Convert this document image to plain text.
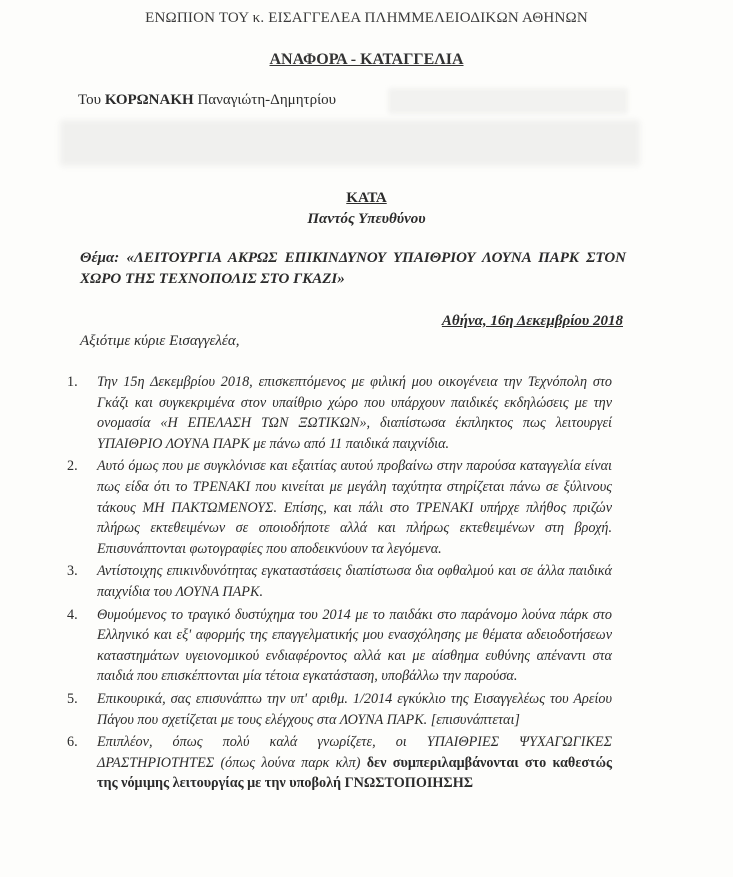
ΕΝΩΠΙΟΝ ΤΟΥ κ. ΕΙΣΑΓΓΕΛΕΑ ΠΛΗΜΜΕΛΕΙΟΔΙΚΩΝ ΑΘΗΝΩΝ
ΑΝΑΦΟΡΑ - ΚΑΤΑΓΓΕΛΙΑ
Του ΚΟΡΩΝΑΚΗ Παναγιώτη-Δημητρίου
ΚΑΤΑ
Παντός Υπευθύνου
Θέμα: «ΛΕΙΤΟΥΡΓΙΑ ΑΚΡΩΣ ΕΠΙΚΙΝΔΥΝΟΥ ΥΠΑΙΘΡΙΟΥ ΛΟΥΝΑ ΠΑΡΚ ΣΤΟΝ ΧΩΡΟ ΤΗΣ ΤΕΧΝΟΠΟΛΙΣ ΣΤΟ ΓΚΑΖΙ»
Αθήνα, 16η Δεκεμβρίου 2018
Αξιότιμε κύριε Εισαγγελέα,
1. Την 15η Δεκεμβρίου 2018, επισκεπτόμενος με φιλική μου οικογένεια την Τεχνόπολη στο Γκάζι και συγκεκριμένα στον υπαίθριο χώρο που υπάρχουν παιδικές εκδηλώσεις με την ονομασία «Η ΕΠΕΛΑΣΗ ΤΩΝ ΞΩΤΙΚΩΝ», διαπίστωσα έκπληκτος πως λειτουργεί ΥΠΑΙΘΡΙΟ ΛΟΥΝΑ ΠΑΡΚ με πάνω από 11 παιδικά παιχνίδια.
2. Αυτό όμως που με συγκλόνισε και εξαιτίας αυτού προβαίνω στην παρούσα καταγγελία είναι πως είδα ότι το ΤΡΕΝΑΚΙ που κινείται με μεγάλη ταχύτητα στηρίζεται πάνω σε ξύλινους τάκους ΜΗ ΠΑΚΤΩΜΕΝΟΥΣ. Επίσης, και πάλι στο ΤΡΕΝΑΚΙ υπήρχε πλήθος πριζών πλήρως εκτεθειμένων σε οποιοδήποτε αλλά και πλήρως εκτεθειμένων στη βροχή. Επισυνάπτονται φωτογραφίες που αποδεικνύουν τα λεγόμενα.
3. Αντίστοιχης επικινδυνότητας εγκαταστάσεις διαπίστωσα δια οφθαλμού και σε άλλα παιδικά παιχνίδια του ΛΟΥΝΑ ΠΑΡΚ.
4. Θυμούμενος το τραγικό δυστύχημα του 2014 με το παιδάκι στο παράνομο λούνα πάρκ στο Ελληνικό και εξ' αφορμής της επαγγελματικής μου ενασχόλησης με θέματα αδειοδοτήσεων καταστημάτων υγειονομικού ενδιαφέροντος αλλά και με αίσθημα ευθύνης απέναντι στα παιδιά που επισκέπτονται μία τέτοια εγκατάσταση, υποβάλλω την παρούσα.
5. Επικουρικά, σας επισυνάπτω την υπ' αριθμ. 1/2014 εγκύκλιο της Εισαγγελέως του Αρείου Πάγου που σχετίζεται με τους ελέγχους στα ΛΟΥΝΑ ΠΑΡΚ. [επισυνάπτεται]
6. Επιπλέον, όπως πολύ καλά γνωρίζετε, οι ΥΠΑΙΘΡΙΕΣ ΨΥΧΑΓΩΓΙΚΕΣ ΔΡΑΣΤΗΡΙΟΤΗΤΕΣ (όπως λούνα παρκ κλπ) δεν συμπεριλαμβάνονται στο καθεστώς της νόμιμης λειτουργίας με την υποβολή ΓΝΩΣΤΟΠΟΙΗΣΗΣ
